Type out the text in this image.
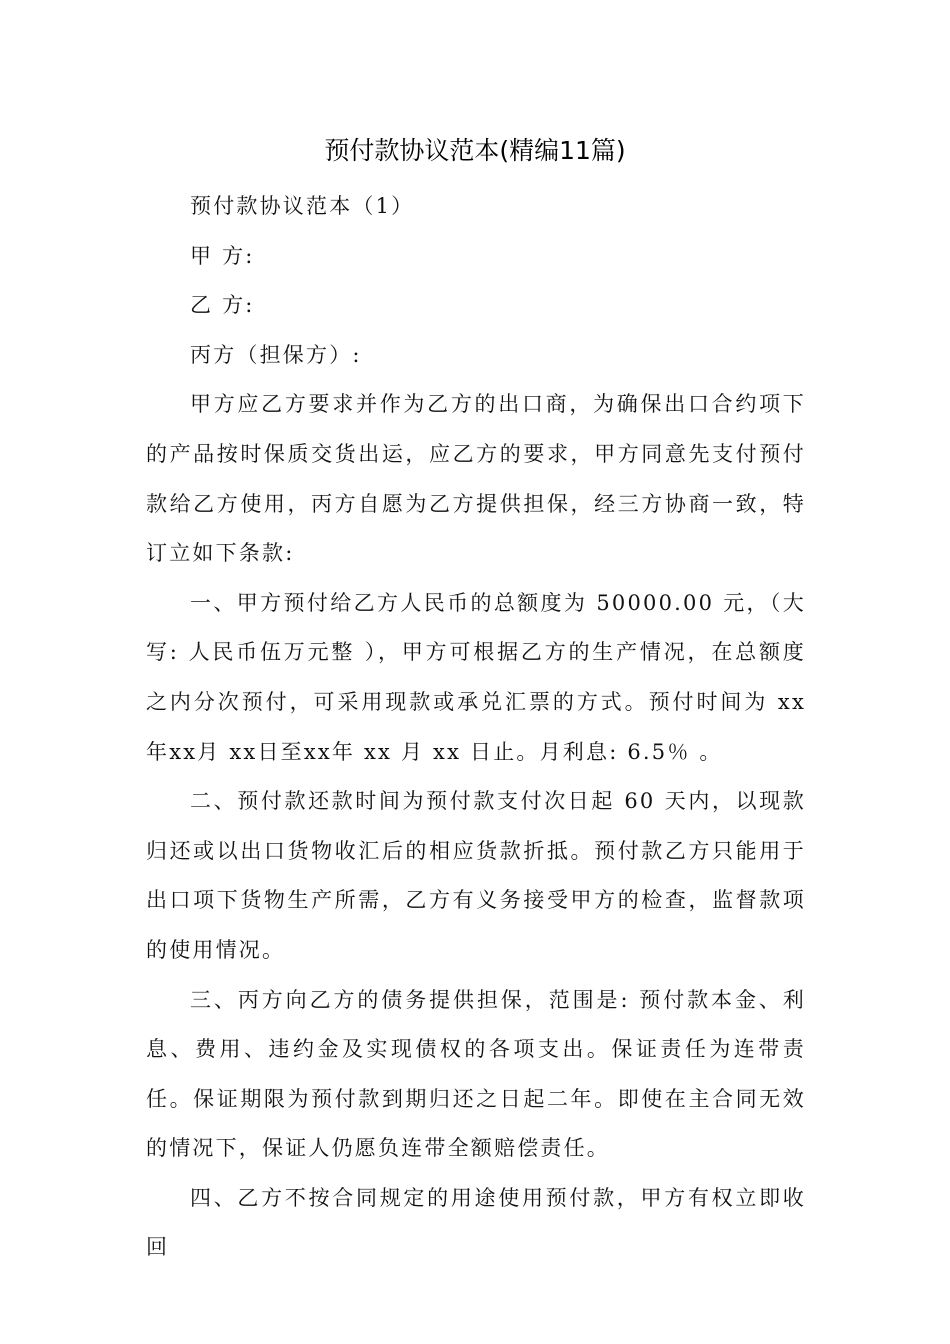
预付款协议范本(精编11篇)

预付款协议范本（1）

甲 方:

乙 方:

丙方（担保方）:

甲方应乙方要求并作为乙方的出口商，为确保出口合约项下的产品按时保质交货出运，应乙方的要求，甲方同意先支付预付款给乙方使用，丙方自愿为乙方提供担保，经三方协商一致，特订立如下条款:

一、甲方预付给乙方人民币的总额度为 50000.00 元，（大写: 人民币伍万元整 ），甲方可根据乙方的生产情况，在总额度之内分次预付，可采用现款或承兑汇票的方式。预付时间为 xx年xx月 xx日至xx年 xx 月 xx 日止。月利息: 6.5％ 。

二、预付款还款时间为预付款支付次日起 60 天内，以现款归还或以出口货物收汇后的相应货款折抵。预付款乙方只能用于出口项下货物生产所需，乙方有义务接受甲方的检查，监督款项的使用情况。

三、丙方向乙方的债务提供担保，范围是: 预付款本金、利息、费用、违约金及实现债权的各项支出。保证责任为连带责任。保证期限为预付款到期归还之日起二年。即使在主合同无效的情况下，保证人仍愿负连带全额赔偿责任。

四、乙方不按合同规定的用途使用预付款，甲方有权立即收回
